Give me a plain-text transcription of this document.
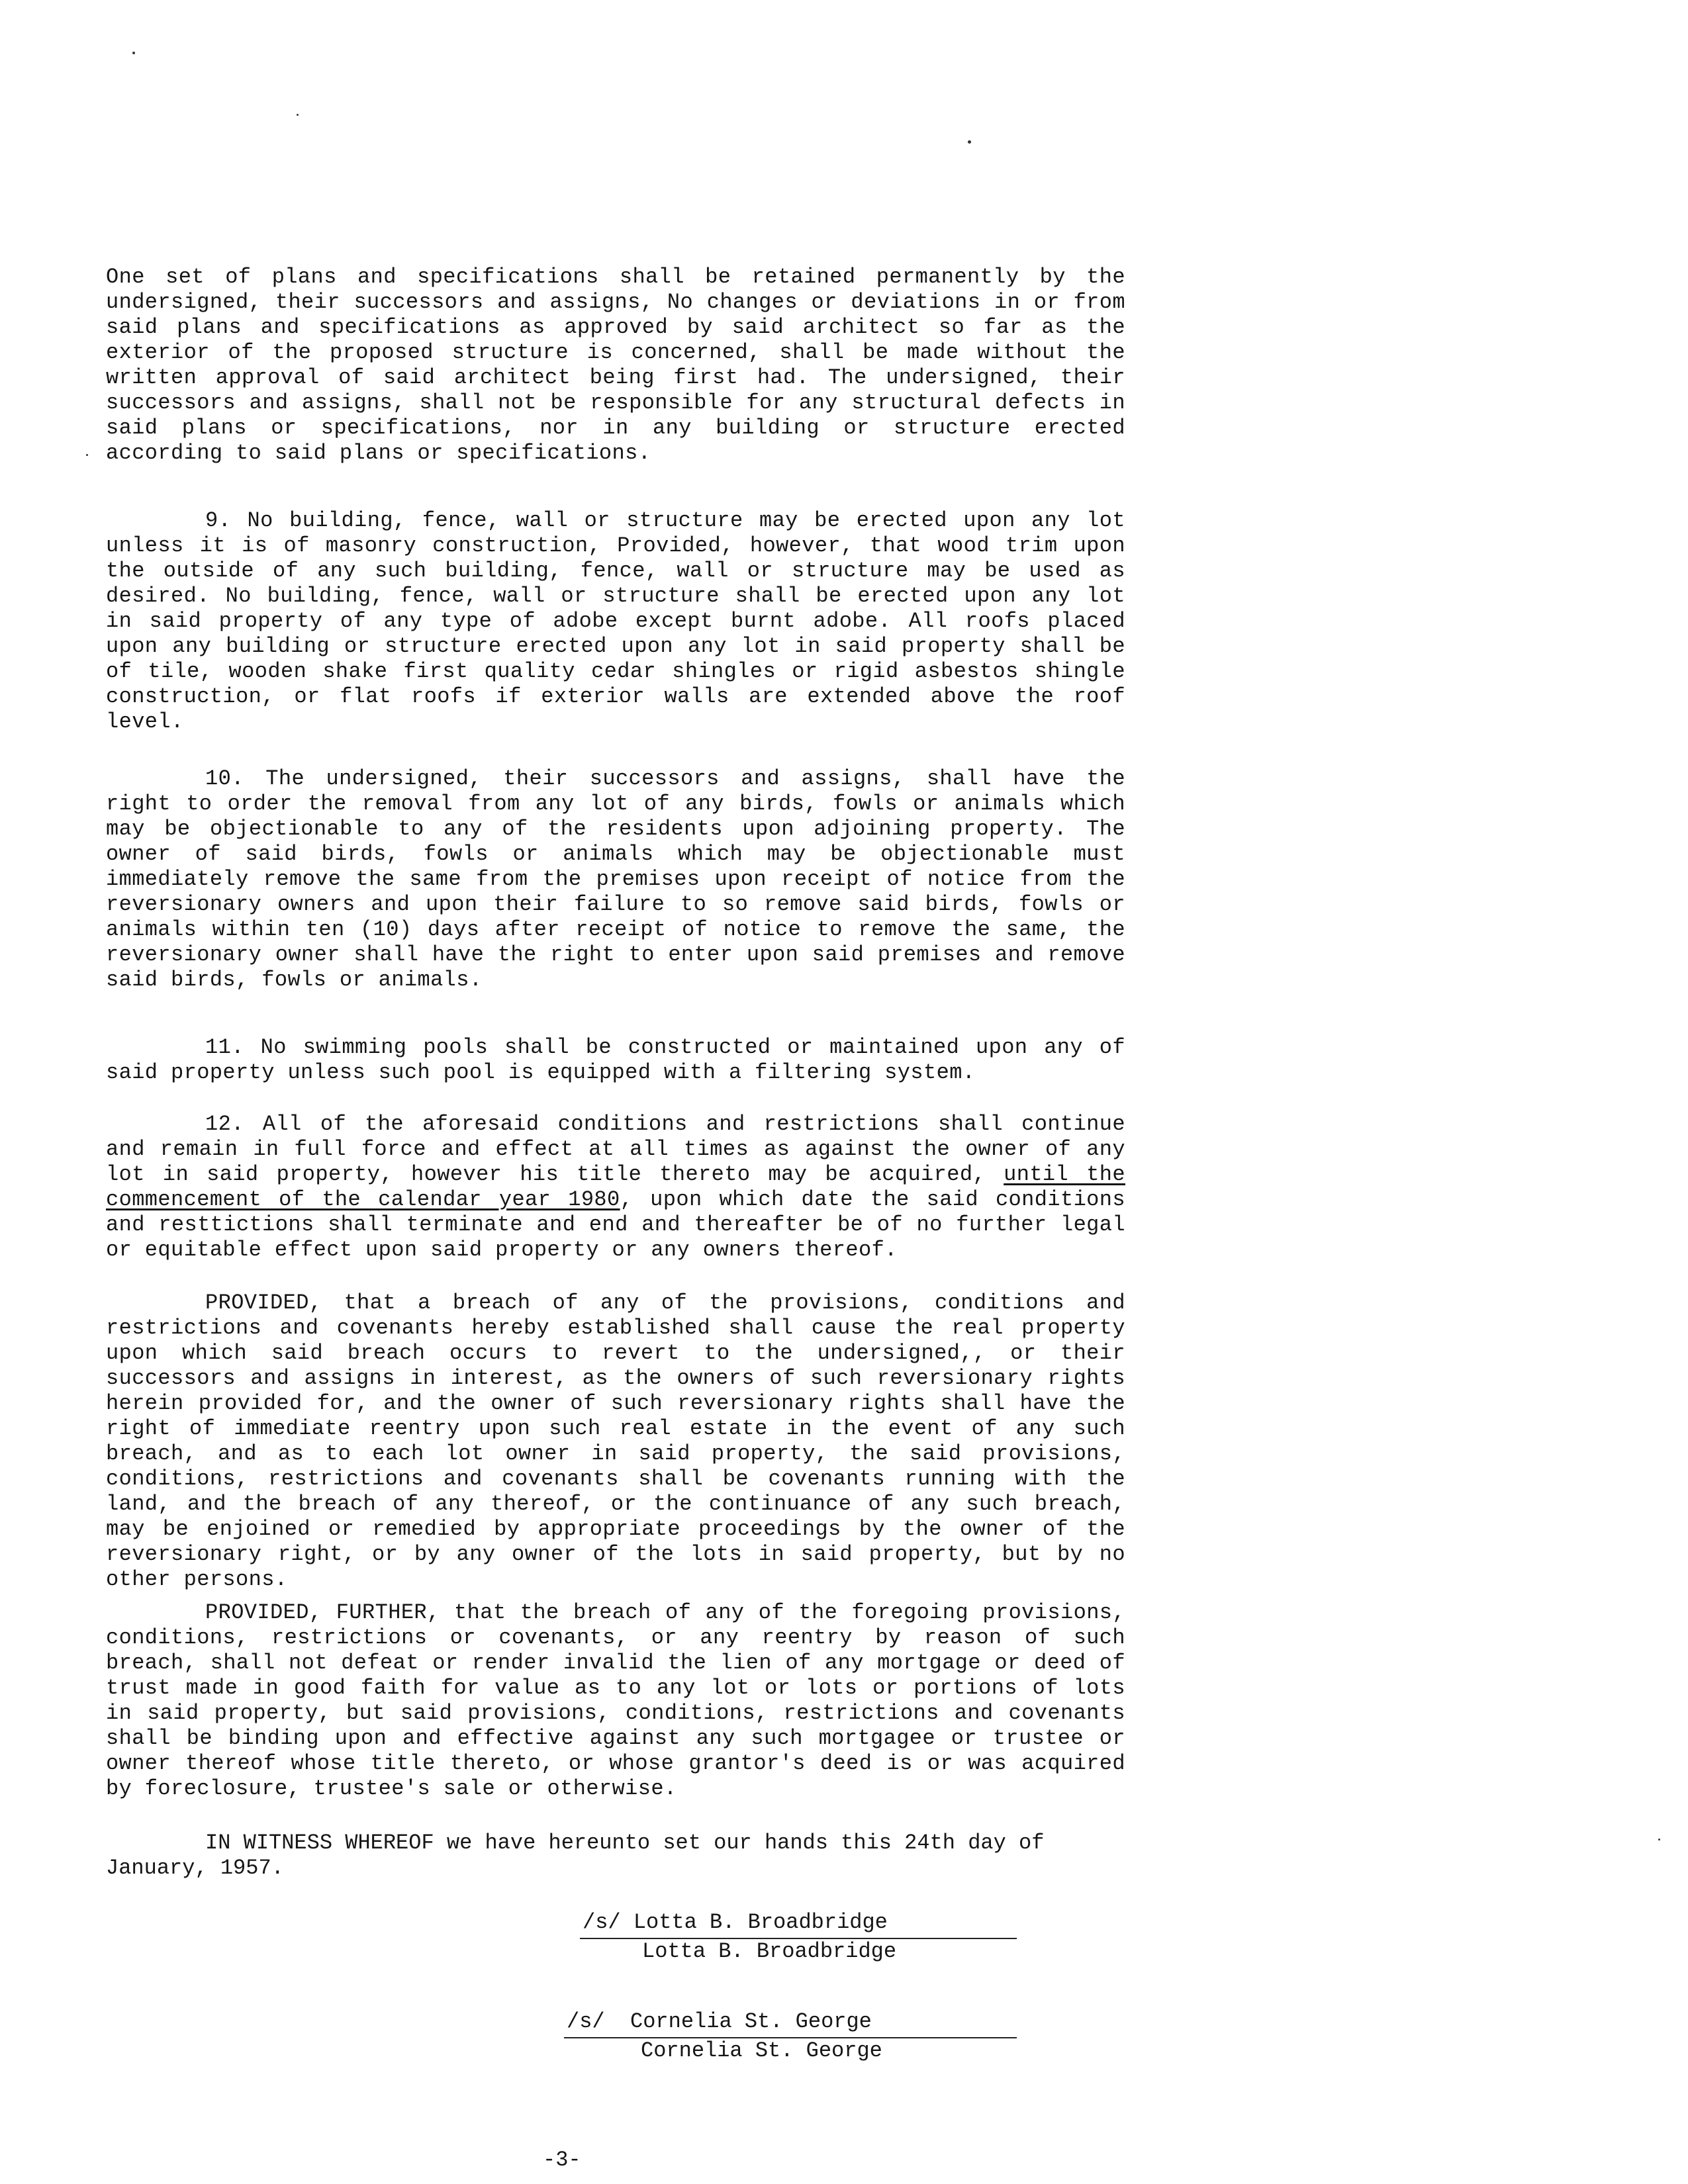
One set of plans and specifications shall be retained permanently by the undersigned, their successors and assigns, No changes or deviations in or from said plans and specifications as approved by said architect so far as the exterior of the proposed structure is concerned, shall be made without the written approval of said architect being first had. The undersigned, their successors and assigns, shall not be responsible for any structural defects in said plans or specifications, nor in any building or structure erected according to said plans or specifications.

9. No building, fence, wall or structure may be erected upon any lot unless it is of masonry construction, Provided, however, that wood trim upon the outside of any such building, fence, wall or structure may be used as desired. No building, fence, wall or structure shall be erected upon any lot in said property of any type of adobe except burnt adobe. All roofs placed upon any building or structure erected upon any lot in said property shall be of tile, wooden shake first quality cedar shingles or rigid asbestos shingle construction, or flat roofs if exterior walls are extended above the roof level.

10. The undersigned, their successors and assigns, shall have the right to order the removal from any lot of any birds, fowls or animals which may be objectionable to any of the residents upon adjoining property. The owner of said birds, fowls or animals which may be objectionable must immediately remove the same from the premises upon receipt of notice from the reversionary owners and upon their failure to so remove said birds, fowls or animals within ten (10) days after receipt of notice to remove the same, the reversionary owner shall have the right to enter upon said premises and remove said birds, fowls or animals.

11. No swimming pools shall be constructed or maintained upon any of said property unless such pool is equipped with a filtering system.

12. All of the aforesaid conditions and restrictions shall continue and remain in full force and effect at all times as against the owner of any lot in said property, however his title thereto may be acquired, until the commencement of the calendar year 1980, upon which date the said conditions and resttictions shall terminate and end and thereafter be of no further legal or equitable effect upon said property or any owners thereof.

PROVIDED, that a breach of any of the provisions, conditions and restrictions and covenants hereby established shall cause the real property upon which said breach occurs to revert to the undersigned,, or their successors and assigns in interest, as the owners of such reversionary rights herein provided for, and the owner of such reversionary rights shall have the right of immediate reentry upon such real estate in the event of any such breach, and as to each lot owner in said property, the said provisions, conditions, restrictions and covenants shall be covenants running with the land, and the breach of any thereof, or the continuance of any such breach, may be enjoined or remedied by appropriate proceedings by the owner of the reversionary right, or by any owner of the lots in said property, but by no other persons.

PROVIDED, FURTHER, that the breach of any of the foregoing provisions, conditions, restrictions or covenants, or any reentry by reason of such breach, shall not defeat or render invalid the lien of any mortgage or deed of trust made in good faith for value as to any lot or lots or portions of lots in said property, but said provisions, conditions, restrictions and covenants shall be binding upon and effective against any such mortgagee or trustee or owner thereof whose title thereto, or whose grantor's deed is or was acquired by foreclosure, trustee's sale or otherwise.

IN WITNESS WHEREOF we have hereunto set our hands this 24th day of January, 1957.

/s/ Lotta B. Broadbridge
Lotta B. Broadbridge
/s/  Cornelia St. George
Cornelia St. George
-3-
